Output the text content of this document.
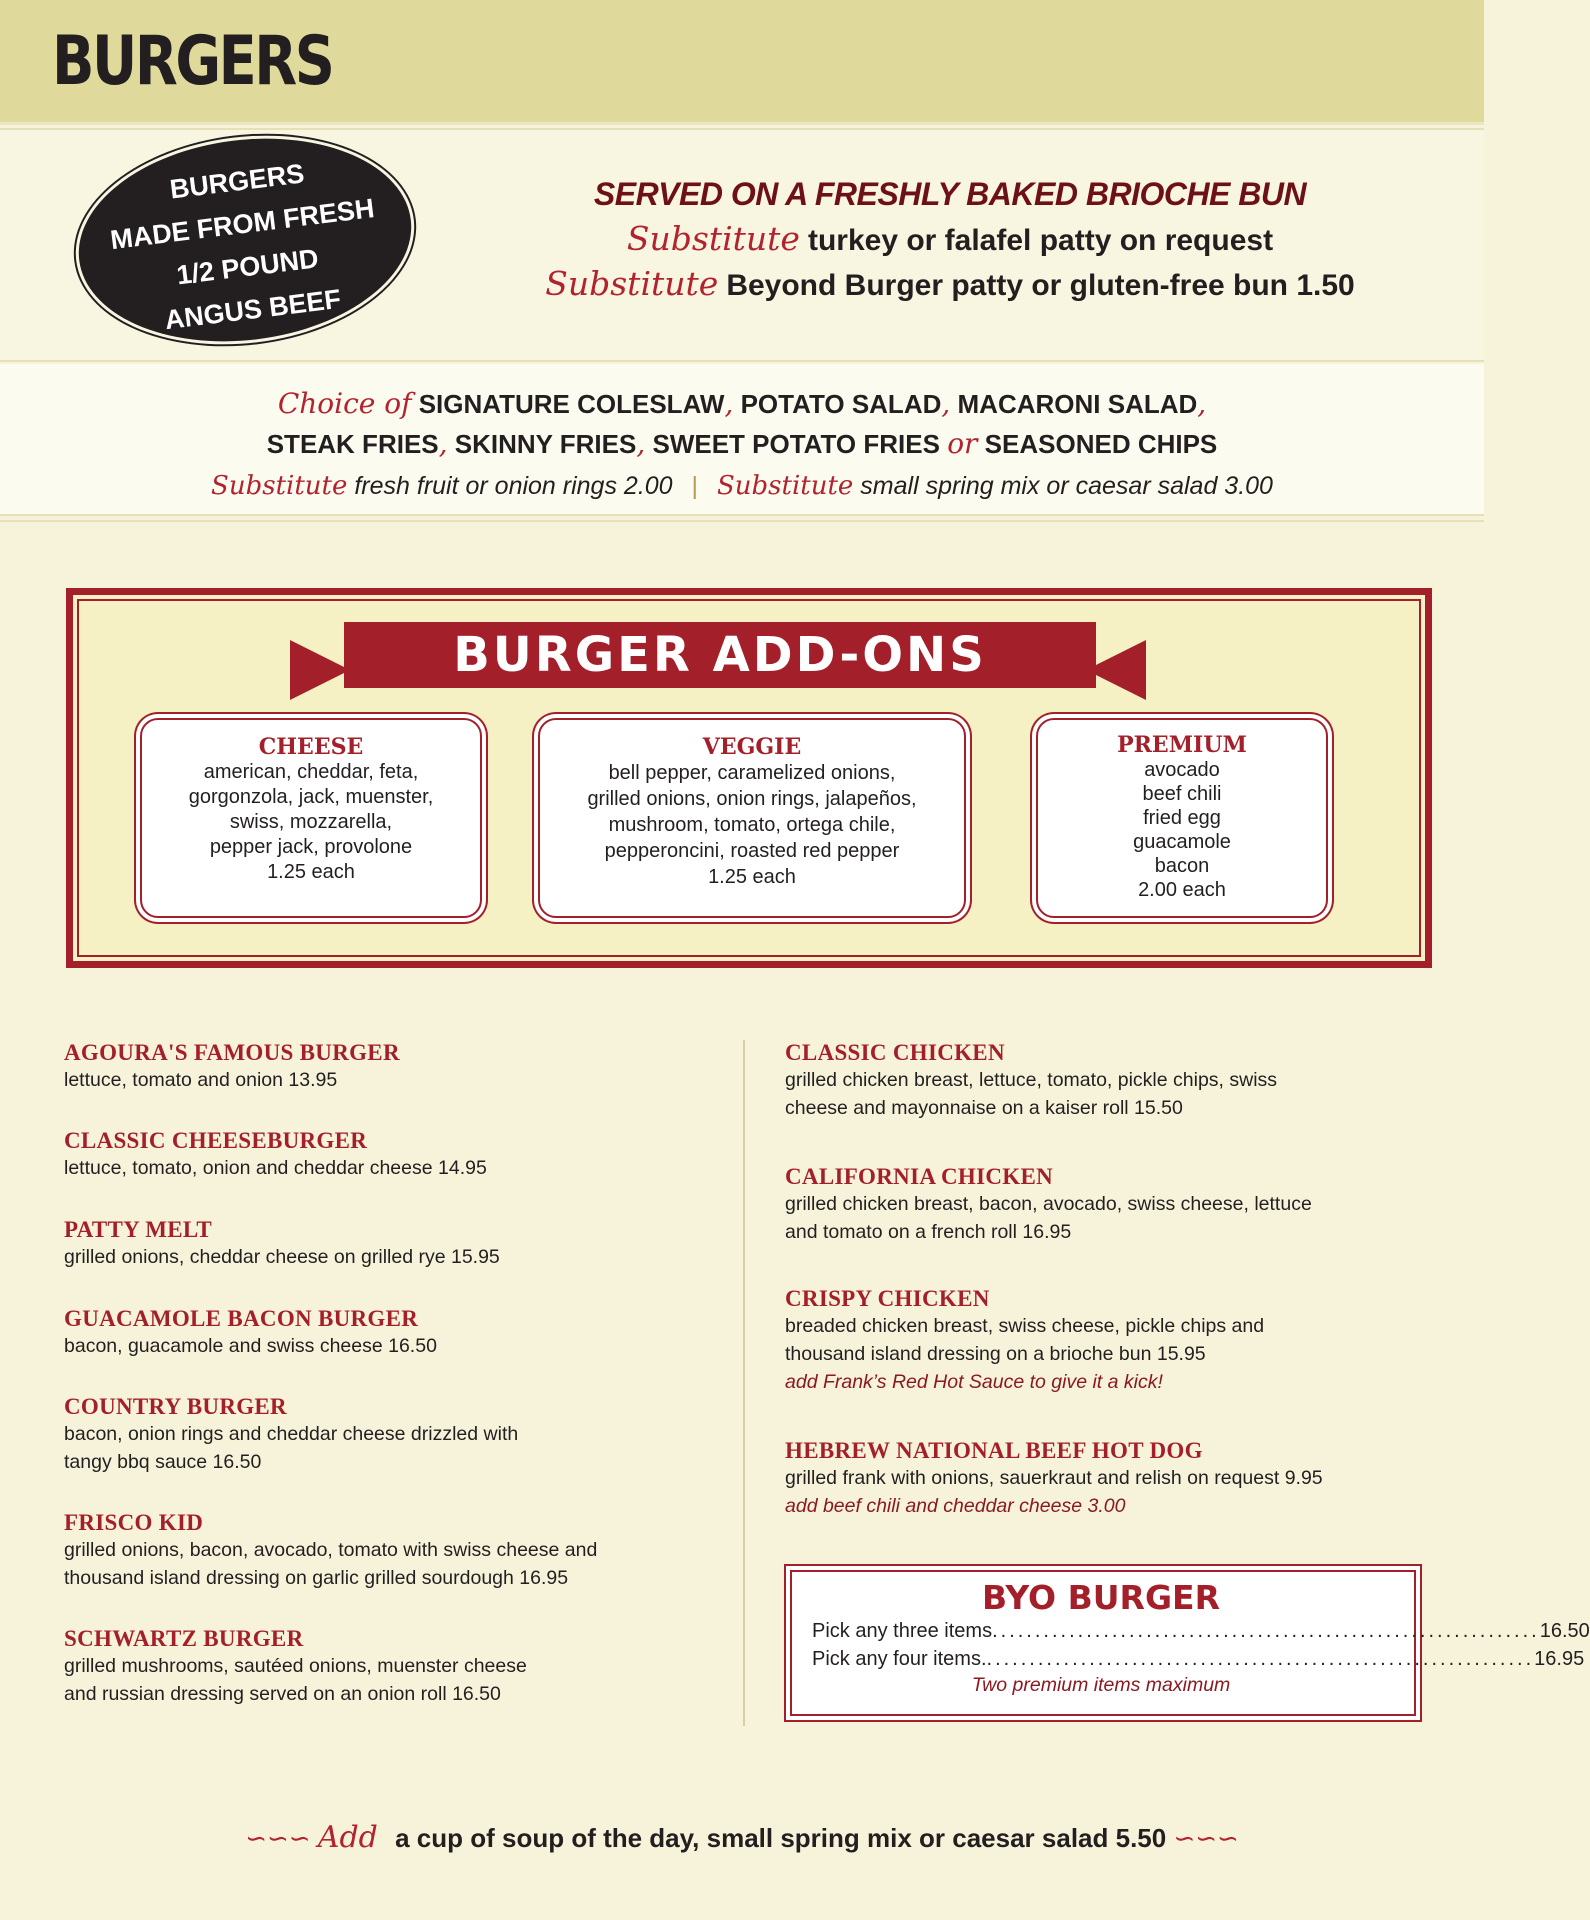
BURGERS
BURGERS
MADE FROM FRESH
1/2 POUND
ANGUS BEEF
SERVED ON A FRESHLY BAKED BRIOCHE BUN
Substitute turkey or falafel patty on request
Substitute Beyond Burger patty or gluten-free bun 1.50
Choice of SIGNATURE COLESLAW, POTATO SALAD, MACARONI SALAD,
STEAK FRIES, SKINNY FRIES, SWEET POTATO FRIES or SEASONED CHIPS
Substitute fresh fruit or onion rings 2.00 | Substitute small spring mix or caesar salad 3.00
BURGER ADD-ONS
CHEESE
american, cheddar, feta,
gorgonzola, jack, muenster,
swiss, mozzarella,
pepper jack, provolone
1.25 each
VEGGIE
bell pepper, caramelized onions,
grilled onions, onion rings, jalapeños,
mushroom, tomato, ortega chile,
pepperoncini, roasted red pepper
1.25 each
PREMIUM
avocado
beef chili
fried egg
guacamole
bacon
2.00 each
AGOURA'S FAMOUS BURGER
lettuce, tomato and onion 13.95
CLASSIC CHEESEBURGER
lettuce, tomato, onion and cheddar cheese 14.95
PATTY MELT
grilled onions, cheddar cheese on grilled rye 15.95
GUACAMOLE BACON BURGER
bacon, guacamole and swiss cheese 16.50
COUNTRY BURGER
bacon, onion rings and cheddar cheese drizzled with
tangy bbq sauce 16.50
FRISCO KID
grilled onions, bacon, avocado, tomato with swiss cheese and
thousand island dressing on garlic grilled sourdough 16.95
SCHWARTZ BURGER
grilled mushrooms, sautéed onions, muenster cheese
and russian dressing served on an onion roll 16.50
CLASSIC CHICKEN
grilled chicken breast, lettuce, tomato, pickle chips, swiss
cheese and mayonnaise on a kaiser roll 15.50
CALIFORNIA CHICKEN
grilled chicken breast, bacon, avocado, swiss cheese, lettuce
and tomato on a french roll 16.95
CRISPY CHICKEN
breaded chicken breast, swiss cheese, pickle chips and
thousand island dressing on a brioche bun 15.95
add Frank’s Red Hot Sauce to give it a kick!
HEBREW NATIONAL BEEF HOT DOG
grilled frank with onions, sauerkraut and relish on request 9.95
add beef chili and cheddar cheese 3.00
BYO BURGER
Pick any three items ................................................................ 16.50
Pick any four items. ................................................................ 16.95
Two premium items maximum
∽∽∽ Add a cup of soup of the day, small spring mix or caesar salad 5.50 ∽∽∽
